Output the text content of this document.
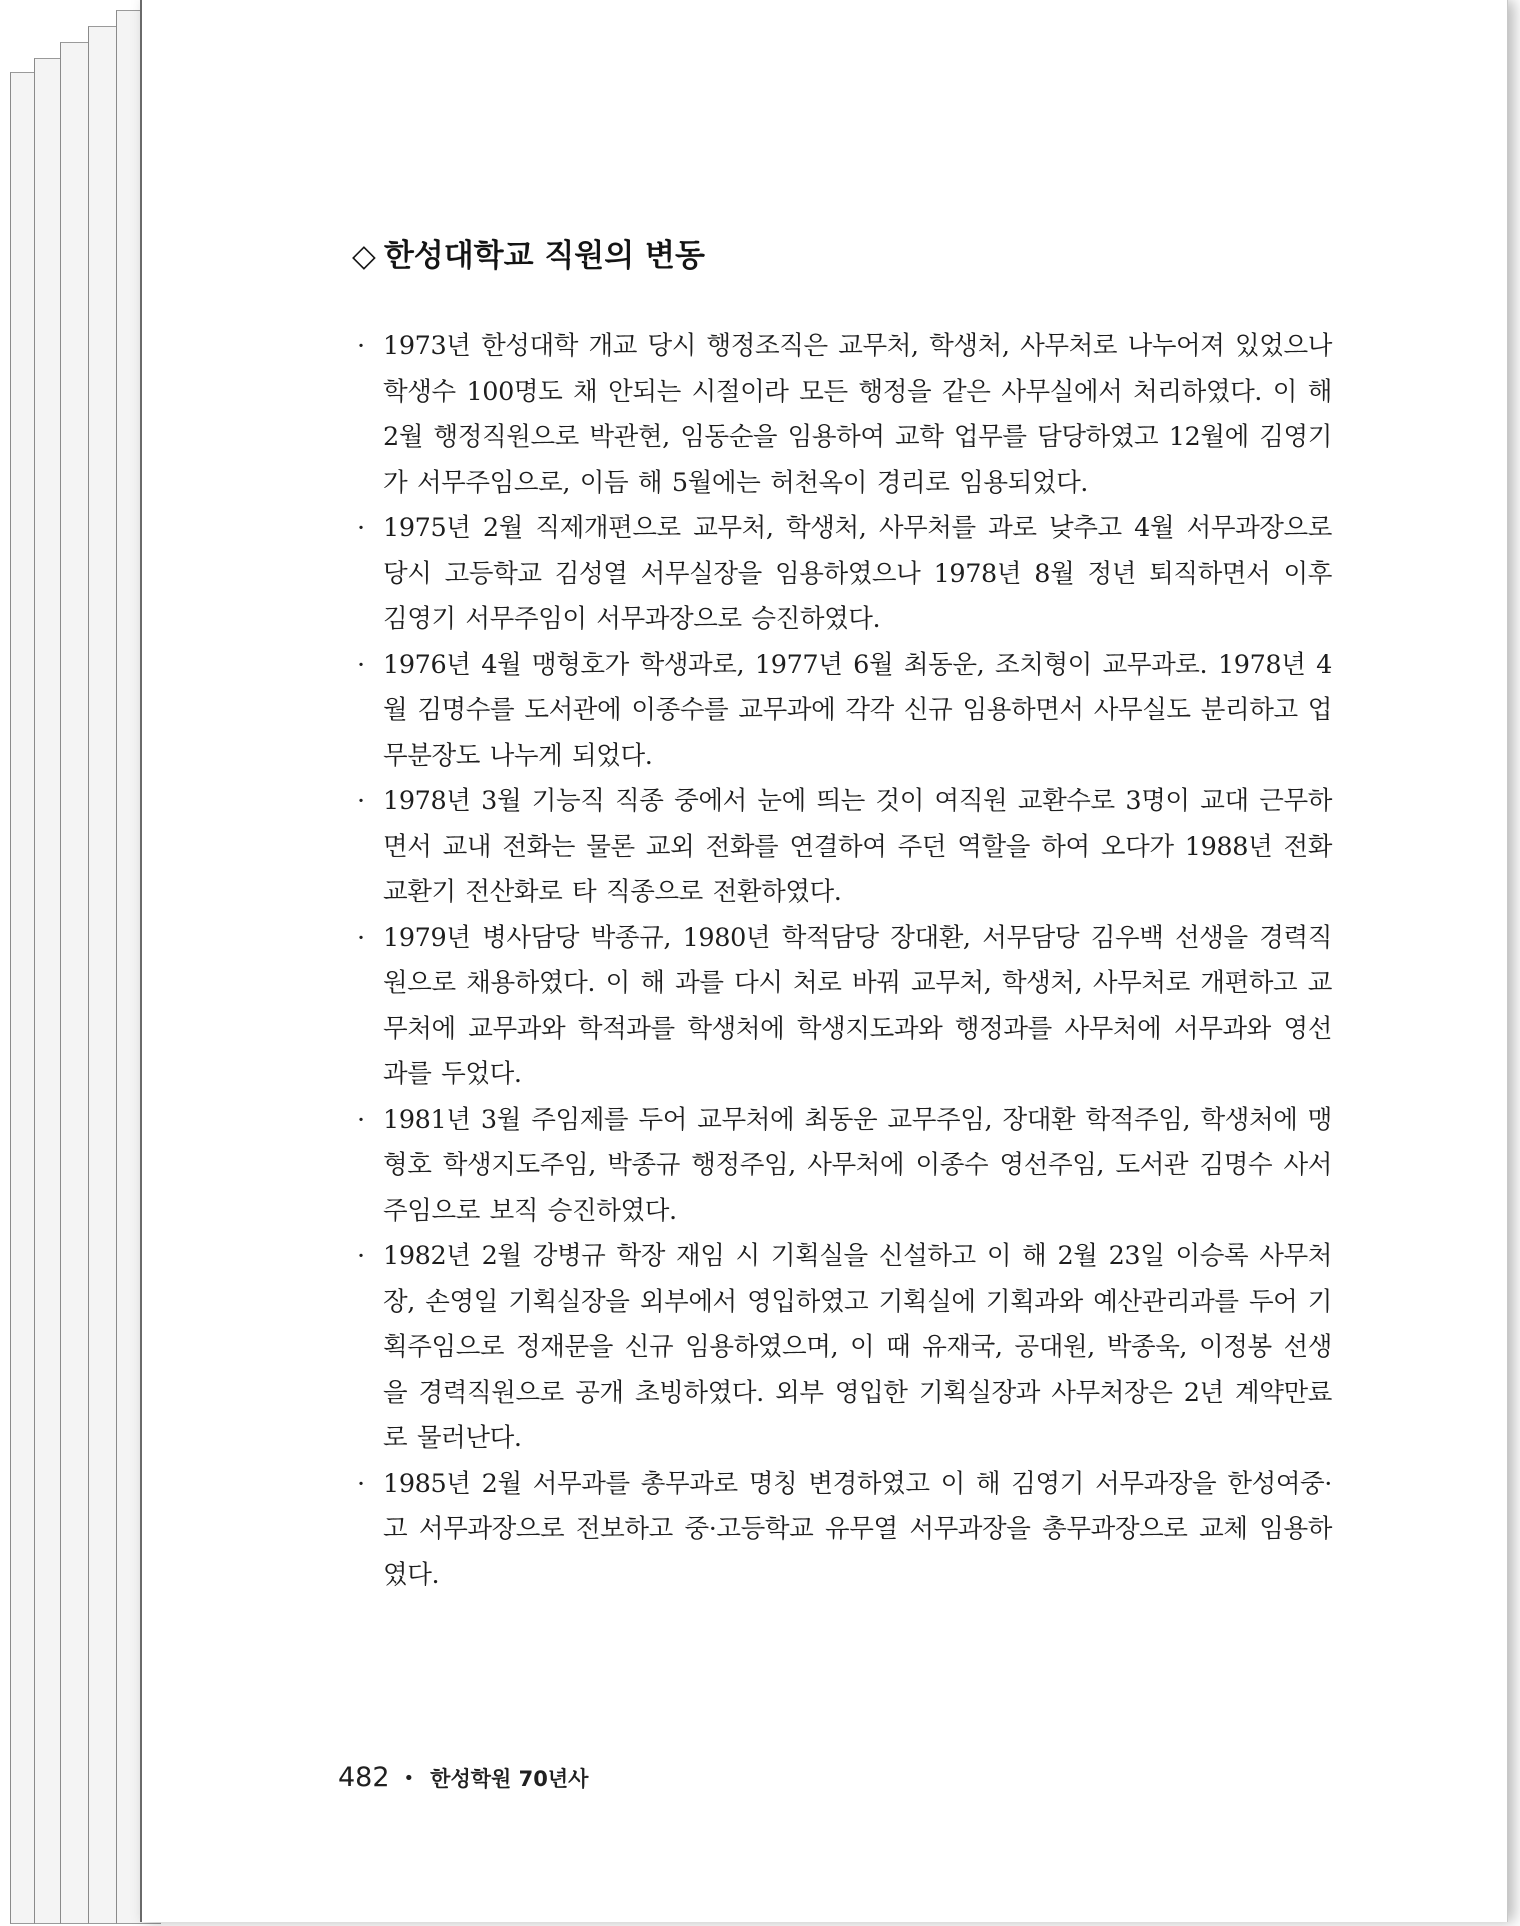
◇ 한성대학교 직원의 변동
· 1973년 한성대학 개교 당시 행정조직은 교무처, 학생처, 사무처로 나누어져 있었으나 학생수 100명도 채 안되는 시절이라 모든 행정을 같은 사무실에서 처리하였다. 이 해 2월 행정직원으로 박관현, 임동순을 임용하여 교학 업무를 담당하였고 12월에 김영기가 서무주임으로, 이듬 해 5월에는 허천옥이 경리로 임용되었다.
· 1975년 2월 직제개편으로 교무처, 학생처, 사무처를 과로 낮추고 4월 서무과장으로 당시 고등학교 김성열 서무실장을 임용하였으나 1978년 8월 정년 퇴직하면서 이후 김영기 서무주임이 서무과장으로 승진하였다.
· 1976년 4월 맹형호가 학생과로, 1977년 6월 최동운, 조치형이 교무과로. 1978년 4월 김명수를 도서관에 이종수를 교무과에 각각 신규 임용하면서 사무실도 분리하고 업무분장도 나누게 되었다.
· 1978년 3월 기능직 직종 중에서 눈에 띄는 것이 여직원 교환수로 3명이 교대 근무하면서 교내 전화는 물론 교외 전화를 연결하여 주던 역할을 하여 오다가 1988년 전화교환기 전산화로 타 직종으로 전환하였다.
· 1979년 병사담당 박종규, 1980년 학적담당 장대환, 서무담당 김우백 선생을 경력직원으로 채용하였다. 이 해 과를 다시 처로 바꿔 교무처, 학생처, 사무처로 개편하고 교무처에 교무과와 학적과를 학생처에 학생지도과와 행정과를 사무처에 서무과와 영선과를 두었다.
· 1981년 3월 주임제를 두어 교무처에 최동운 교무주임, 장대환 학적주임, 학생처에 맹형호 학생지도주임, 박종규 행정주임, 사무처에 이종수 영선주임, 도서관 김명수 사서주임으로 보직 승진하였다.
· 1982년 2월 강병규 학장 재임 시 기획실을 신설하고 이 해 2월 23일 이승록 사무처장, 손영일 기획실장을 외부에서 영입하였고 기획실에 기획과와 예산관리과를 두어 기획주임으로 정재문을 신규 임용하였으며, 이 때 유재국, 공대원, 박종욱, 이정봉 선생을 경력직원으로 공개 초빙하였다. 외부 영입한 기획실장과 사무처장은 2년 계약만료로 물러난다.
· 1985년 2월 서무과를 총무과로 명칭 변경하였고 이 해 김영기 서무과장을 한성여중·고 서무과장으로 전보하고 중·고등학교 유무열 서무과장을 총무과장으로 교체 임용하였다.
482 • 한성학원 70년사
